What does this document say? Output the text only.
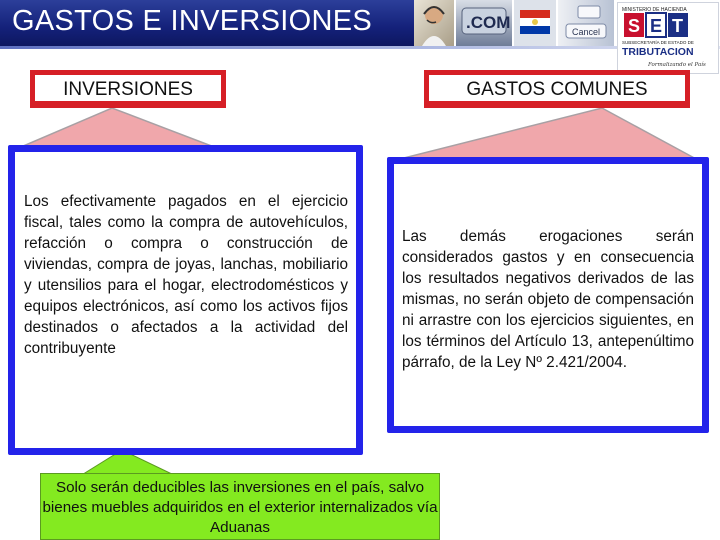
GASTOS E INVERSIONES	.COM	Cancel
MINISTERIO DE HACIENDA
S E T
SUBSECRETARÍA DE ESTADO DE
TRIBUTACION
Formalizando el País
INVERSIONES	GASTOS COMUNES
Los efectivamente pagados en el ejercicio fiscal, tales como la compra de autovehículos, refacción o compra o construcción de viviendas, compra de joyas, lanchas, mobiliario y utensilios para el hogar, electrodomésticos y equipos electrónicos, así como los activos fijos destinados o afectados a la actividad del contribuyente
Las demás erogaciones serán considerados gastos y en consecuencia los resultados negativos derivados de las mismas, no serán objeto de compensación ni arrastre con los ejercicios siguientes, en los términos del Artículo 13, antepenúltimo párrafo, de la Ley Nº 2.421/2004.
Solo serán deducibles las inversiones en el país, salvo bienes muebles adquiridos en el exterior internalizados vía Aduanas
